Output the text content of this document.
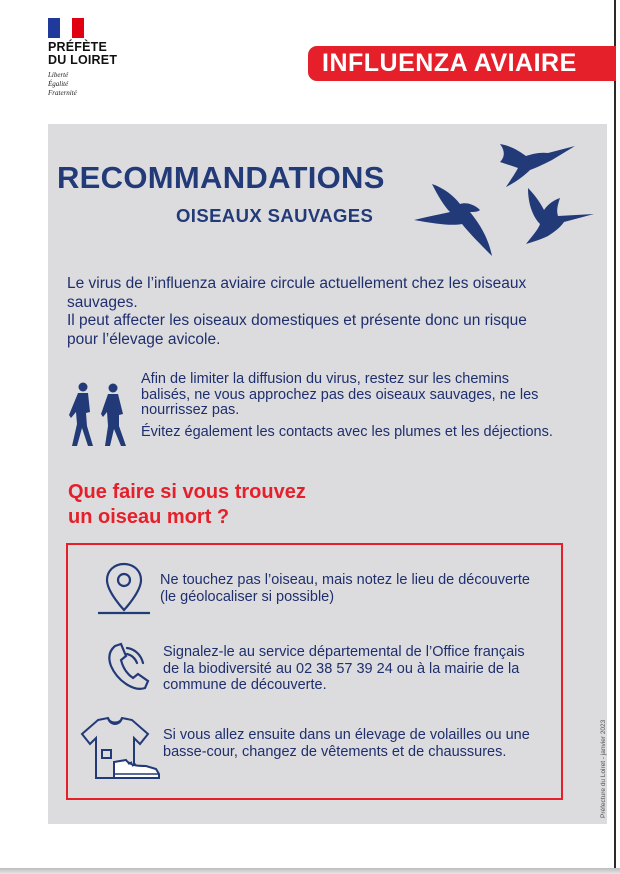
PRÉFÈTE
DU LOIRET
Liberté
Égalité
Fraternité
INFLUENZA AVIAIRE
RECOMMANDATIONS
OISEAUX SAUVAGES

Le virus de l’influenza aviaire circule actuellement chez les oiseaux sauvages.

Il peut affecter les oiseaux domestiques et présente donc un risque pour l’élevage avicole.

Afin de limiter la diffusion du virus, restez sur les chemins balisés, ne vous approchez pas des oiseaux sauvages, ne les nourrissez pas.

Évitez également les contacts avec les plumes et les déjections.

Que faire si vous trouvez
un oiseau mort ?
Ne touchez pas l’oiseau, mais notez le lieu de découverte (le géolocaliser si possible)
Signalez-le au service départemental de l’Office français de la biodiversité au 02 38 57 39 24 ou à la mairie de la commune de découverte.
Si vous allez ensuite dans un élevage de volailles ou une basse-cour, changez de vêtements et de chaussures.	Préfecture du Loiret - janvier 2023
